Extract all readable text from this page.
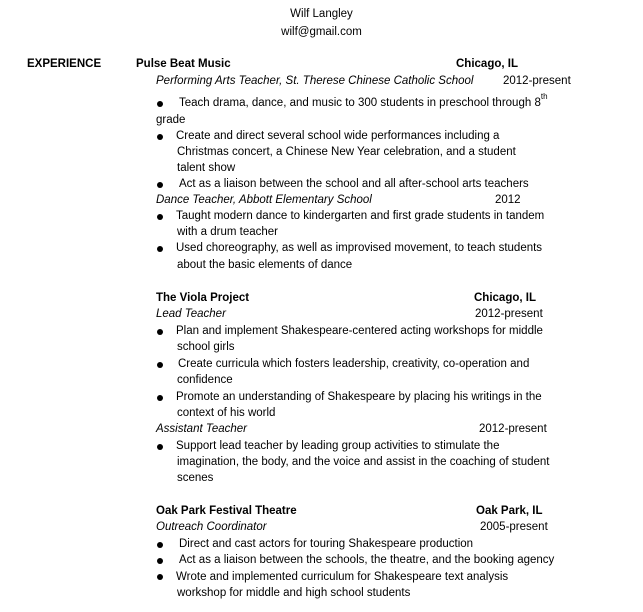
Wilf Langley
wilf@gmail.com
EXPERIENCE	Pulse Beat Music	Chicago, IL
Performing Arts Teacher, St. Therese Chinese Catholic School	2012-present
Teach drama, dance, and music to 300 students in preschool through 8th
grade
Create and direct several school wide performances including a
Christmas concert, a Chinese New Year celebration, and a student
talent show
Act as a liaison between the school and all after-school arts teachers
Dance Teacher, Abbott Elementary School	2012
Taught modern dance to kindergarten and first grade students in tandem
with a drum teacher
Used choreography, as well as improvised movement, to teach students
about the basic elements of dance
The Viola Project	Chicago, IL
Lead Teacher	2012-present
Plan and implement Shakespeare-centered acting workshops for middle
school girls
Create curricula which fosters leadership, creativity, co-operation and
confidence
Promote an understanding of Shakespeare by placing his writings in the
context of his world
Assistant Teacher	2012-present
Support lead teacher by leading group activities to stimulate the
imagination, the body, and the voice and assist in the coaching of student
scenes
Oak Park Festival Theatre	Oak Park, IL
Outreach Coordinator	2005-present
Direct and cast actors for touring Shakespeare production
Act as a liaison between the schools, the theatre, and the booking agency
Wrote and implemented curriculum for Shakespeare text analysis
workshop for middle and high school students
